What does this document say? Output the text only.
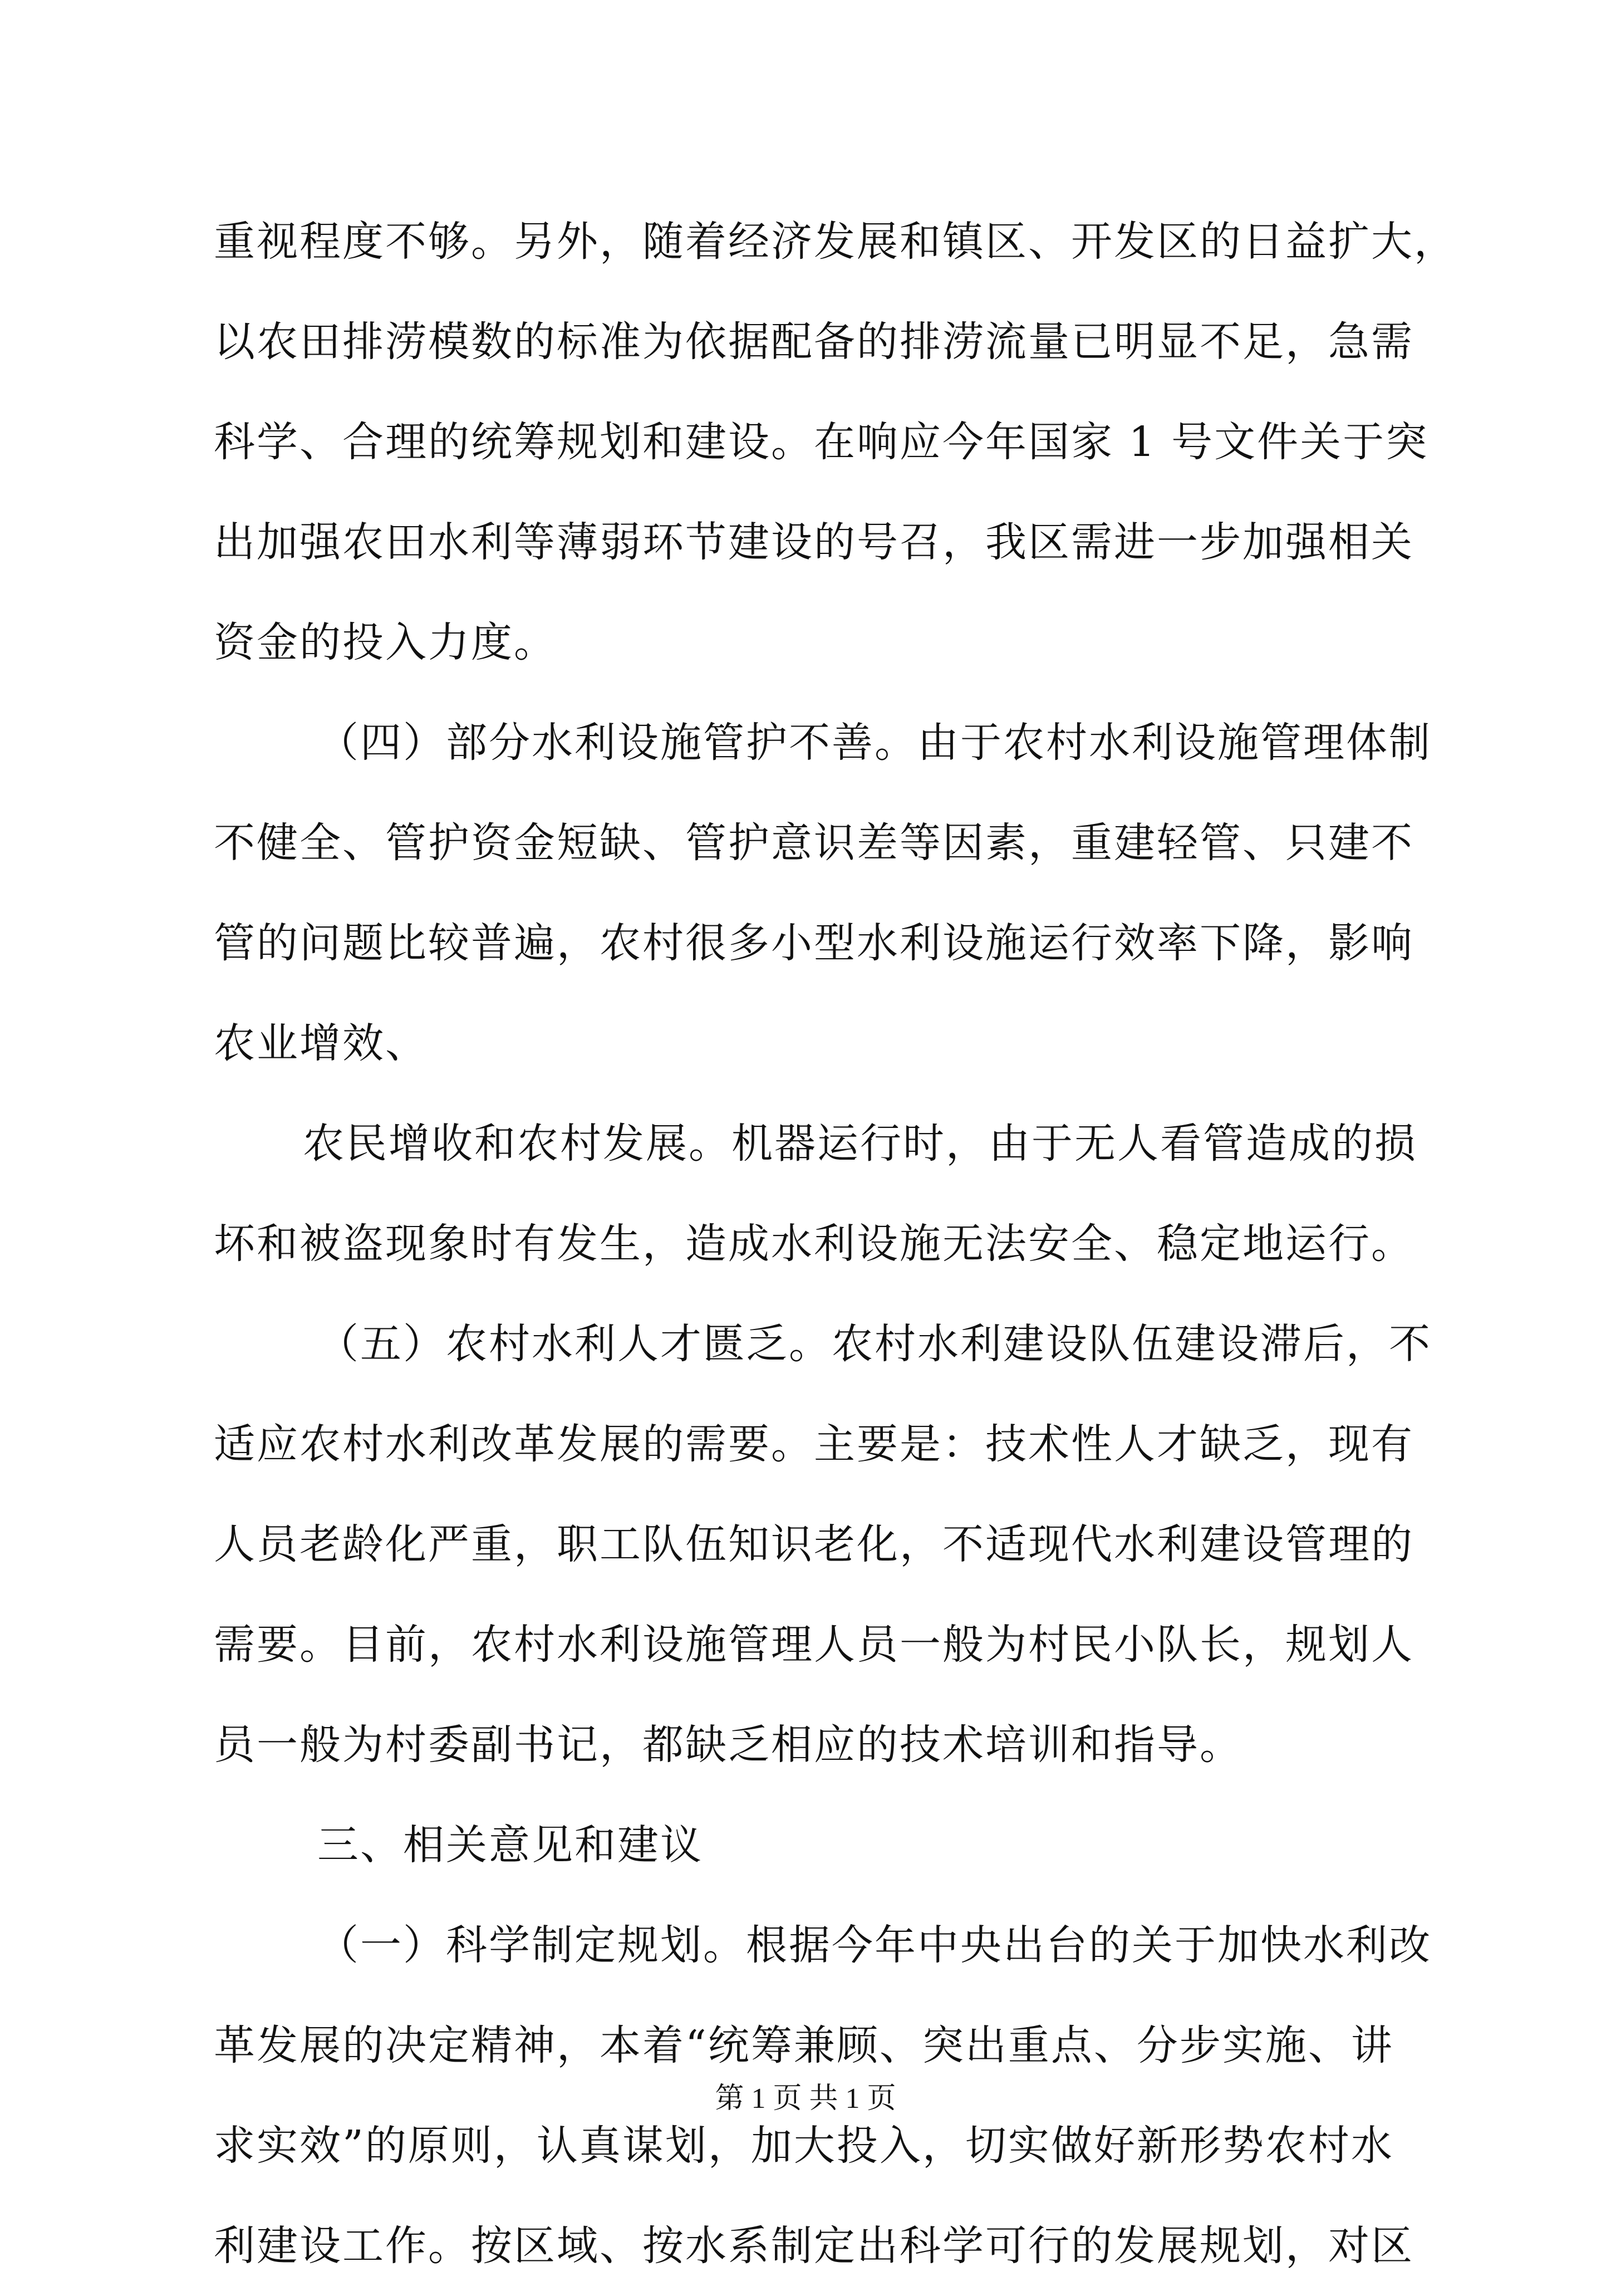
重视程度不够。另外，随着经济发展和镇区、开发区的日益扩大，
以农田排涝模数的标准为依据配备的排涝流量已明显不足，急需
科学、合理的统筹规划和建设。在响应今年国家 1 号文件关于突
出加强农田水利等薄弱环节建设的号召，我区需进一步加强相关
资金的投入力度。
（四）部分水利设施管护不善。由于农村水利设施管理体制
不健全、管护资金短缺、管护意识差等因素，重建轻管、只建不
管的问题比较普遍，农村很多小型水利设施运行效率下降，影响
农业增效、
农民增收和农村发展。机器运行时，由于无人看管造成的损
坏和被盗现象时有发生，造成水利设施无法安全、稳定地运行。
（五）农村水利人才匮乏。农村水利建设队伍建设滞后，不
适应农村水利改革发展的需要。主要是：技术性人才缺乏，现有
人员老龄化严重，职工队伍知识老化，不适现代水利建设管理的
需要。目前，农村水利设施管理人员一般为村民小队长，规划人
员一般为村委副书记，都缺乏相应的技术培训和指导。
三、相关意见和建议
（一）科学制定规划。根据今年中央出台的关于加快水利改
革发展的决定精神，本着“统筹兼顾、突出重点、分步实施、讲
求实效”的原则，认真谋划，加大投入，切实做好新形势农村水
利建设工作。按区域、按水系制定出科学可行的发展规划，对区
第 1 页 共 1 页
